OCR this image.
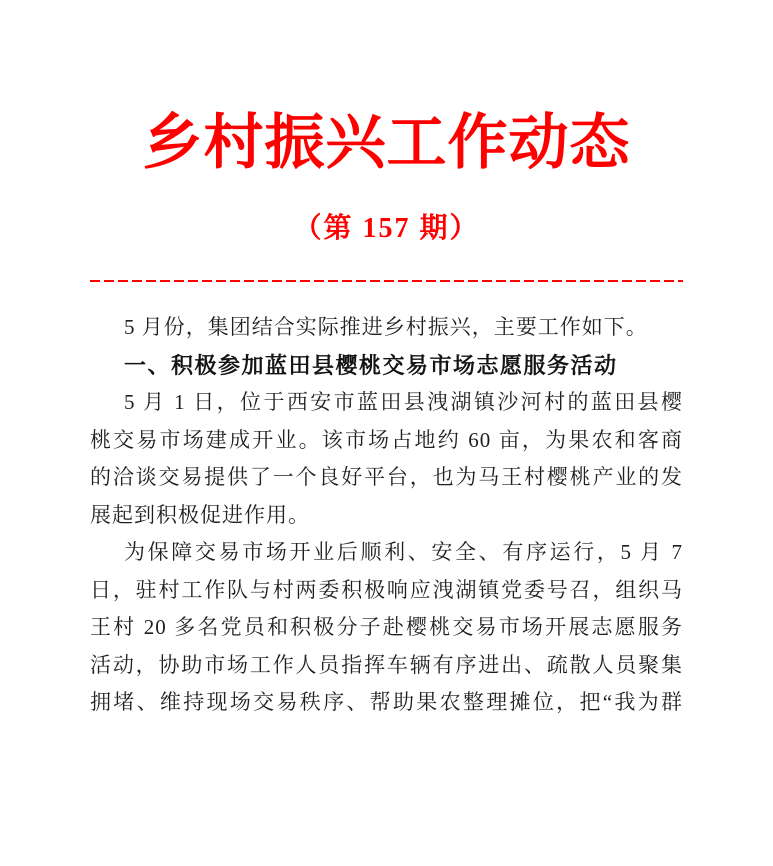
乡村振兴工作动态
（第 157 期）
5 月份，集团结合实际推进乡村振兴，主要工作如下。
一、积极参加蓝田县樱桃交易市场志愿服务活动
5 月 1 日，位于西安市蓝田县洩湖镇沙河村的蓝田县樱
桃交易市场建成开业。该市场占地约 60 亩，为果农和客商
的洽谈交易提供了一个良好平台，也为马王村樱桃产业的发
展起到积极促进作用。
为保障交易市场开业后顺利、安全、有序运行，5 月 7
日，驻村工作队与村两委积极响应洩湖镇党委号召，组织马
王村 20 多名党员和积极分子赴樱桃交易市场开展志愿服务
活动，协助市场工作人员指挥车辆有序进出、疏散人员聚集
拥堵、维持现场交易秩序、帮助果农整理摊位，把“我为群
